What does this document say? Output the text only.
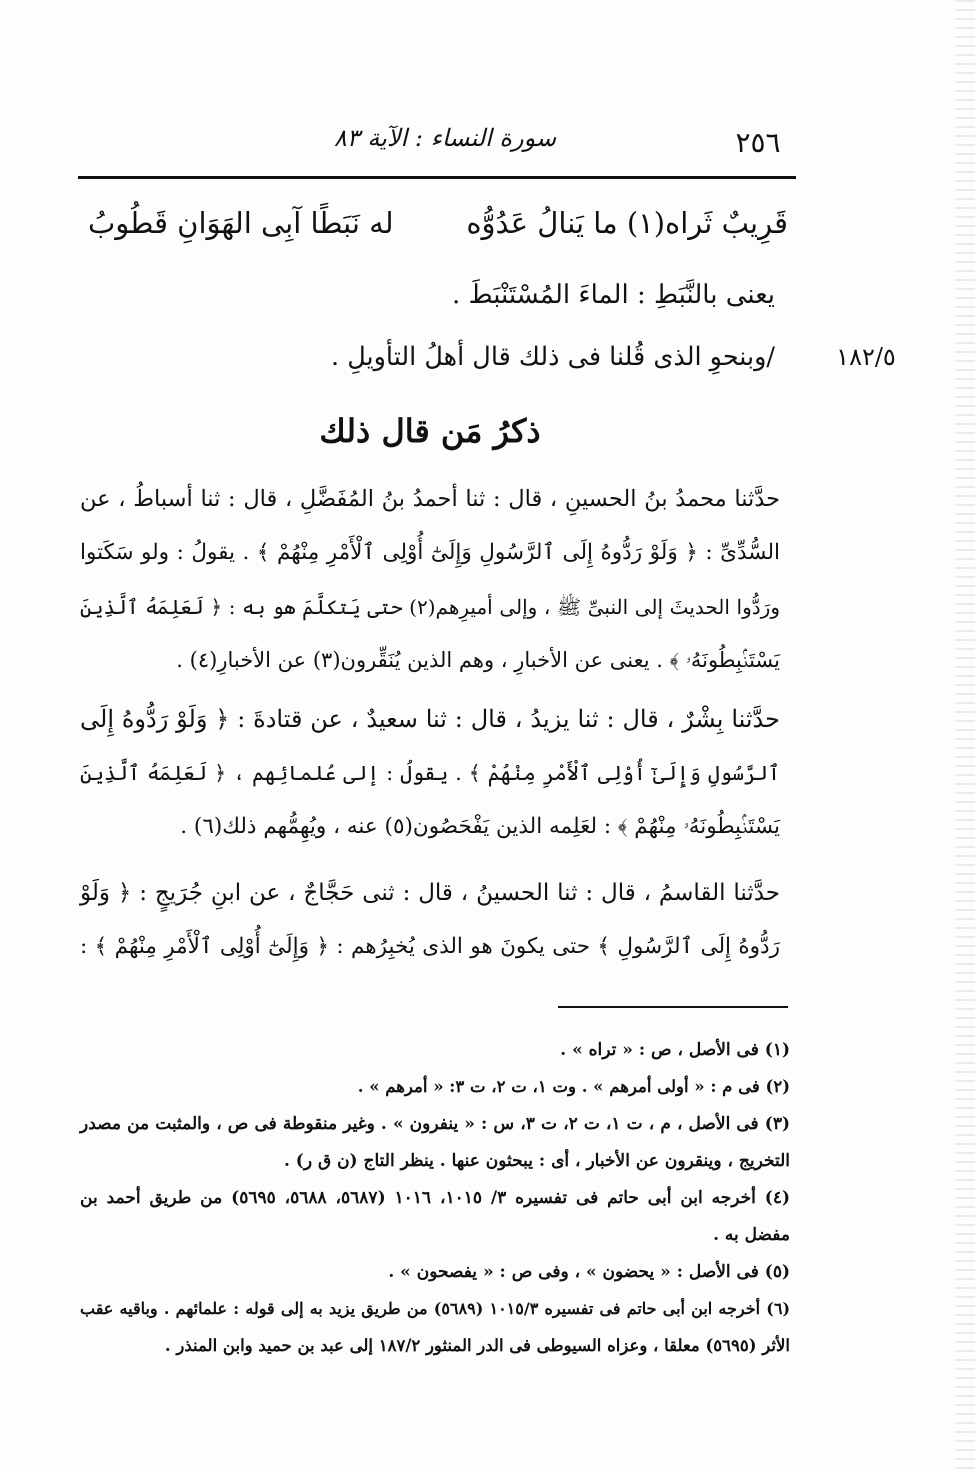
٢٥٦
سورة النساء : الآية ٨٣
قَرِيبٌ ثَراه(١) ما يَنالُ عَدُوُّه
له نَبَطًا آبِى الهَوَانِ قَطُوبُ
يعنى بالنَّبَطِ : الماءَ المُسْتَنْبَطَ .
١٨٢/٥
/وبنحوِ الذى قُلنا فى ذلك قال أهلُ التأويلِ .
ذكرُ مَن قال ذلك
حدَّثنا محمدُ بنُ الحسينِ ، قال : ثنا أحمدُ بنُ المُفَضَّلِ ، قال : ثنا أسباطُ ، عن
السُّدِّىِّ : ﴿ وَلَوْ رَدُّوهُ إِلَى ٱلرَّسُولِ وَإِلَىٰٓ أُوْلِى ٱلْأَمْرِ مِنْهُمْ ﴾ . يقولُ : ولو سَكَتوا
ورَدُّوا الحديثَ إلى النبىِّ ﷺ ، وإلى أميرِهم(٢) حتى يَتكلَّمَ هو به : ﴿ لَعَلِمَهُ ٱلَّذِينَ
يَسْتَنۢبِطُونَهُۥ ﴾ . يعنى عن الأخبارِ ، وهم الذين يُنَقِّرون(٣) عن الأخبارِ(٤) .
حدَّثنا بِشْرٌ ، قال : ثنا يزيدُ ، قال : ثنا سعيدٌ ، عن قتادةَ : ﴿ وَلَوْ رَدُّوهُ إِلَى
ٱلرَّسُولِ وَإِلَىٰٓ أُوْلِى ٱلْأَمْرِ مِنْهُمْ ﴾ . يقولُ : إلى عُلمائِهم ، ﴿ لَعَلِمَهُ ٱلَّذِينَ
يَسْتَنۢبِطُونَهُۥ مِنْهُمْ ﴾ : لعَلِمه الذين يَفْحَصُون(٥) عنه ، ويُهِمُّهم ذلك(٦) .
حدَّثنا القاسمُ ، قال : ثنا الحسينُ ، قال : ثنى حَجَّاجٌ ، عن ابنِ جُرَيجٍ : ﴿ وَلَوْ
رَدُّوهُ إِلَى ٱلرَّسُولِ ﴾ حتى يكونَ هو الذى يُخبِرُهم : ﴿ وَإِلَىٰٓ أُوْلِى ٱلْأَمْرِ مِنْهُمْ ﴾ :
(١) فى الأصل ، ص : « تراه » .
(٢) فى م : « أولى أمرهم » . وت ١، ت ٢، ت ٣: « أمرهم » .
(٣) فى الأصل ، م ، ت ١، ت ٢، ت ٣، س : « ينفرون » . وغير منقوطة فى ص ، والمثبت من مصدر
التخريج ، وينقرون عن الأخبار ، أى : يبحثون عنها . ينظر التاج (ن ق ر) .
(٤) أخرجه ابن أبى حاتم فى تفسيره ٣/ ١٠١٥، ١٠١٦ (٥٦٨٧، ٥٦٨٨، ٥٦٩٥) من طريق أحمد بن
مفضل به .
(٥) فى الأصل : « يحضون » ، وفى ص : « يفصحون » .
(٦) أخرجه ابن أبى حاتم فى تفسيره ١٠١٥/٣ (٥٦٨٩) من طريق يزيد به إلى قوله : علمائهم . وباقيه عقب
الأثر (٥٦٩٥) معلقا ، وعزاه السيوطى فى الدر المنثور ١٨٧/٢ إلى عبد بن حميد وابن المنذر .
